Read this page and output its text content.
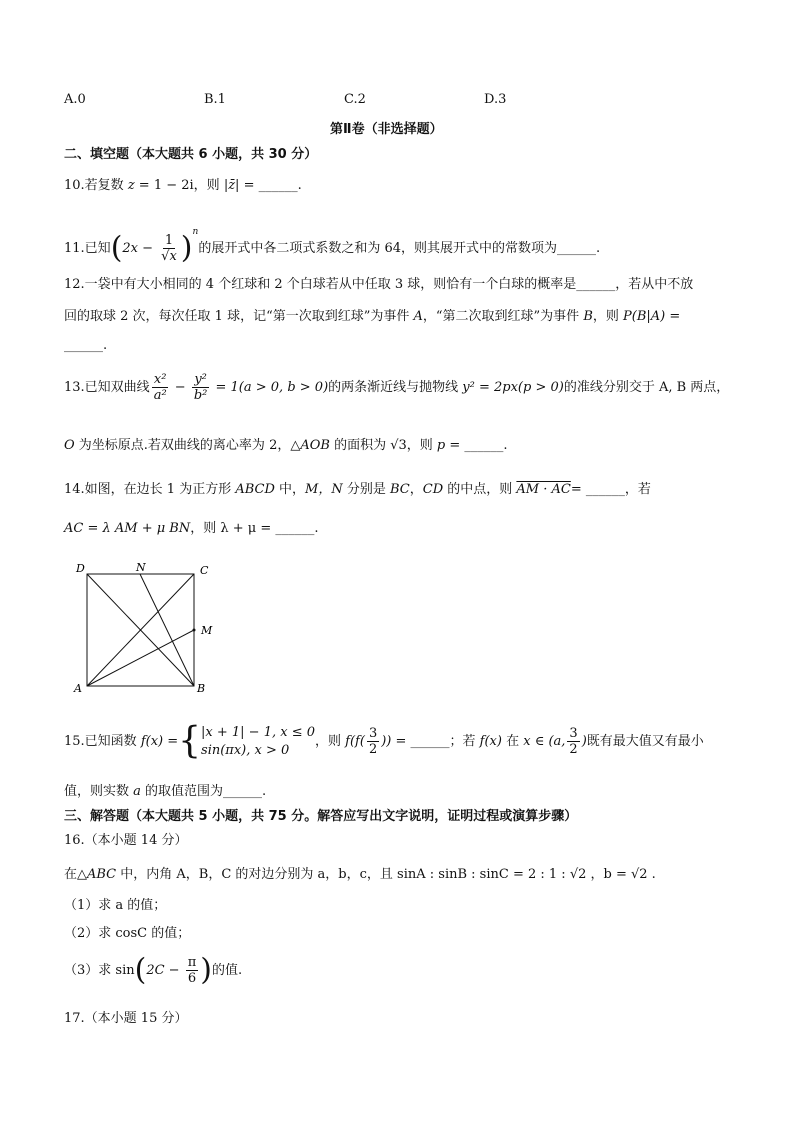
A.0	B.1	C.2	D.3
第Ⅱ卷（非选择题）
二、填空题（本大题共 6 小题，共 30 分）
10.若复数 z = 1 − 2i，则 |z̄| = ______.
11.已知$(2x - \frac{1}{√x} )^n$的展开式中各二项式系数之和为 64，则其展开式中的常数项为______.
12.一袋中有大小相同的 4 个红球和 2 个白球若从中任取 3 球，则恰有一个白球的概率是______，若从中不放
回的取球 2 次，每次任取 1 球，记“第一次取到红球”为事件 A，“第二次取到红球”为事件 B，则 P(B|A) =
______.
13.已知双曲线 $\frac{\text{x²}}{\text{a²}} - \frac{\text{y²}}{\text{b²}} = 1(a > 0$, b > 0)的两条渐近线与抛物线 y² = 2px(p > 0)的准线分别交于 A, B 两点，
O 为坐标原点.若双曲线的离心率为 2，△AOB 的面积为 √3，则 p = ______.
14.如图，在边长 1 为正方形 ABCD 中，M，N 分别是 BC，CD 的中点，则 AM · AC= ______，若
AC = λ AM + μ BN，则 λ + μ = ______.
D	N	C
M
A	B
15.已知函数 f(x) ={ |x + 1| − 1, x ≤ 0
sin(πx), x > 0
，则 $f(f( \frac{3}{2}$ )) = ______；若 f(x) 在 x ∈ (a, $\frac{3}{2}$ )既有最大值又有最小
值，则实数 a 的取值范围为______.
三、解答题（本大题共 5 小题，共 75 分。解答应写出文字说明，证明过程或演算步骤）
16.（本小题 14 分）
在△ABC 中，内角 A，B，C 的对边分别为 a，b，c，且 sinA : sinB : sinC = 2 : 1 : √2 ，b = √2 .
（1）求 a 的值；
（2）求 cosC 的值；
（3）求 $\sin(2C - \frac{\pi}{6}$ )的值.
17.（本小题 15 分）
